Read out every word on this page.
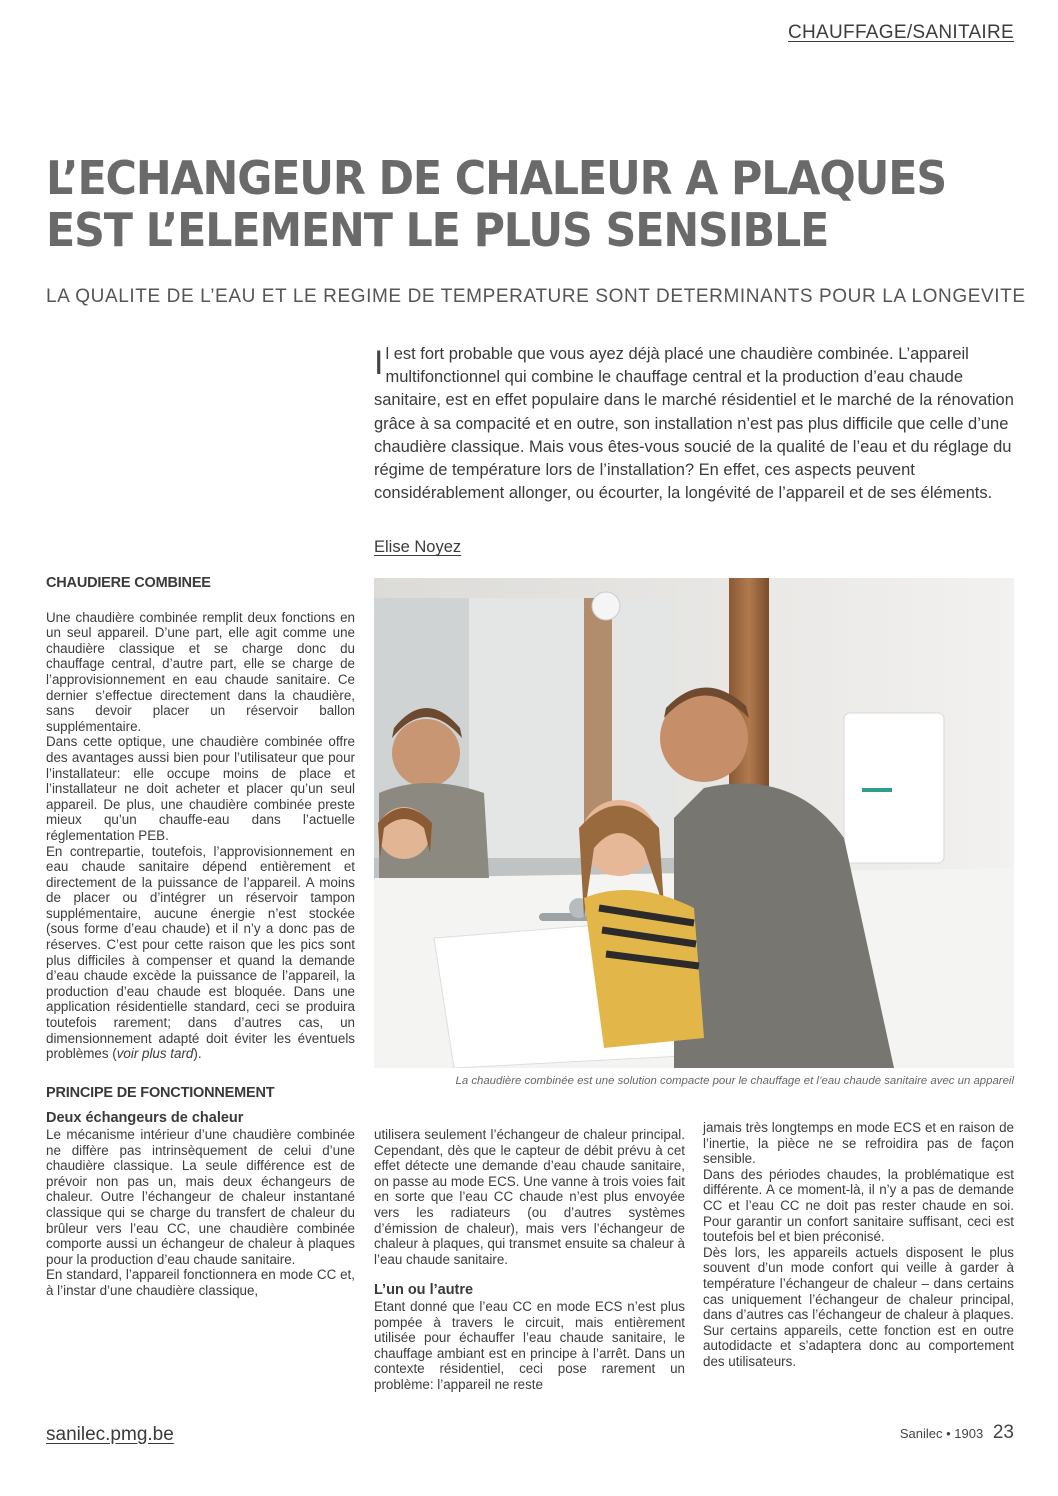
CHAUFFAGE/SANITAIRE
L’ECHANGEUR DE CHALEUR A PLAQUES
EST L’ELEMENT LE PLUS SENSIBLE

LA QUALITE DE L’EAU ET LE REGIME DE TEMPERATURE SONT DETERMINANTS POUR LA LONGEVITE

Il est fort probable que vous ayez déjà placé une chaudière combinée. L’appareil multifonctionnel qui combine le chauffage central et la production d’eau chaude sanitaire, est en effet populaire dans le marché résidentiel et le marché de la rénovation grâce à sa compacité et en outre, son installation n’est pas plus difficile que celle d’une chaudière classique. Mais vous êtes-vous soucié de la qualité de l’eau et du réglage du régime de température lors de l’installation? En effet, ces aspects peuvent considérablement allonger, ou écourter, la longévité de l’appareil et de ses éléments.

Elise Noyez
CHAUDIERE COMBINEE

Une chaudière combinée remplit deux fonctions en un seul appareil. D’une part, elle agit comme une chaudière classique et se charge donc du chauffage central, d’autre part, elle se charge de l’approvisionnement en eau chaude sanitaire. Ce dernier s’effectue directement dans la chaudière, sans devoir placer un réservoir ballon supplémentaire.

Dans cette optique, une chaudière combinée offre des avantages aussi bien pour l’utilisateur que pour l’installateur: elle occupe moins de place et l’installateur ne doit acheter et placer qu’un seul appareil. De plus, une chaudière combinée preste mieux qu’un chauffe-eau dans l’actuelle réglementation PEB.

En contrepartie, toutefois, l’approvisionnement en eau chaude sanitaire dépend entièrement et directement de la puissance de l’appareil. A moins de placer ou d’intégrer un réservoir tampon supplémentaire, aucune énergie n’est stockée (sous forme d’eau chaude) et il n’y a donc pas de réserves. C’est pour cette raison que les pics sont plus difficiles à compenser et quand la demande d’eau chaude excède la puissance de l’appareil, la production d’eau chaude est bloquée. Dans une application résidentielle standard, ceci se produira toutefois rarement; dans d’autres cas, un dimensionnement adapté doit éviter les éventuels problèmes (voir plus tard).

PRINCIPE DE FONCTIONNEMENT
Deux échangeurs de chaleur

Le mécanisme intérieur d’une chaudière combinée ne diffère pas intrinsèquement de celui d’une chaudière classique. La seule différence est de prévoir non pas un, mais deux échangeurs de chaleur. Outre l’échangeur de chaleur instantané classique qui se charge du transfert de chaleur du brûleur vers l’eau CC, une chaudière combinée comporte aussi un échangeur de chaleur à plaques pour la production d’eau chaude sanitaire.

En standard, l’appareil fonctionnera en mode CC et, à l’instar d’une chaudière classique,

La chaudière combinée est une solution compacte pour le chauffage et l’eau chaude sanitaire avec un appareil

utilisera seulement l’échangeur de chaleur principal. Cependant, dès que le capteur de débit prévu à cet effet détecte une demande d’eau chaude sanitaire, on passe au mode ECS. Une vanne à trois voies fait en sorte que l’eau CC chaude n’est plus envoyée vers les radiateurs (ou d’autres systèmes d’émission de chaleur), mais vers l’échangeur de chaleur à plaques, qui transmet ensuite sa chaleur à l’eau chaude sanitaire.

L’un ou l’autre

Etant donné que l’eau CC en mode ECS n’est plus pompée à travers le circuit, mais entièrement utilisée pour échauffer l’eau chaude sanitaire, le chauffage ambiant est en principe à l’arrêt. Dans un contexte résidentiel, ceci pose rarement un problème: l’appareil ne reste

jamais très longtemps en mode ECS et en raison de l’inertie, la pièce ne se refroidira pas de façon sensible.

Dans des périodes chaudes, la problématique est différente. A ce moment-là, il n’y a pas de demande CC et l’eau CC ne doit pas rester chaude en soi. Pour garantir un confort sanitaire suffisant, ceci est toutefois bel et bien préconisé.

Dès lors, les appareils actuels disposent le plus souvent d’un mode confort qui veille à garder à température l’échangeur de chaleur – dans certains cas uniquement l’échangeur de chaleur principal, dans d’autres cas l’échangeur de chaleur à plaques. Sur certains appareils, cette fonction est en outre autodidacte et s’adaptera donc au comportement des utilisateurs.

sanilec.pmg.be	Sanilec • 1903 23
